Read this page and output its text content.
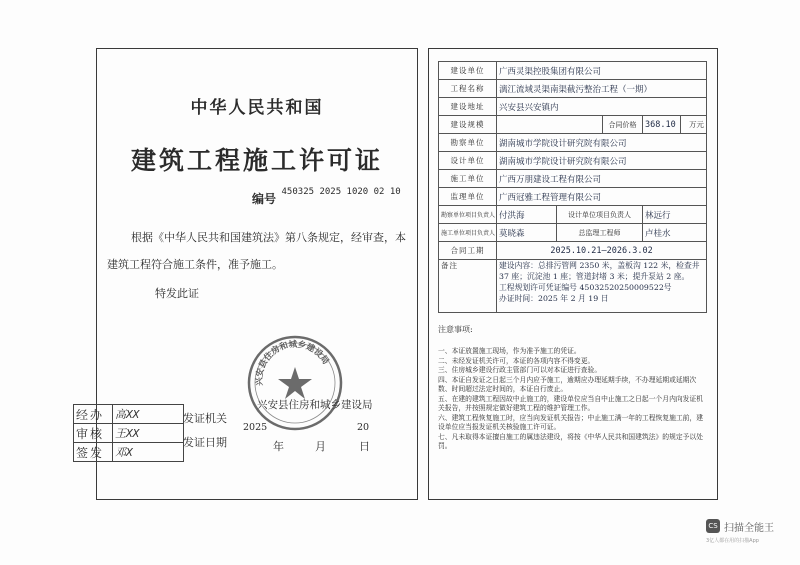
中华人民共和国
建筑工程施工许可证
编号 450325 2025 1020 02 10
根据《中华人民共和国建筑法》第八条规定，经审查，本建筑工程符合施工条件，准予施工。
特发此证
兴安县住房和城乡建设局
经办	高XX
审核	王XX
签发	邓X
发证机关
兴安县住房和城乡建设局
发证日期
2025	20
年	月	日
建设单位	广西灵渠控股集团有限公司				
工程名称	漓江流域灵渠南渠截污整治工程（一期）				
建设地址	兴安县兴安镇内				
建设规模			合同价格	368.10	万元
勘察单位	湖南城市学院设计研究院有限公司				
设计单位	湖南城市学院设计研究院有限公司				
施工单位	广西万朋建设工程有限公司				
监理单位	广西冠雅工程管理有限公司				
勘察单位项目负责人	付洪海	设计单位项目负责人		林远行	
施工单位项目负责人	莫晓森	总监理工程师		卢桂水	
合同工期	2025.10.21—2026.3.02				
备注	建设内容：总排污管网 2350 米，盖板沟 122 米，检查井 37 座；沉淀池 1 座；管道封堵 3 米；提升泵站 2 座。
工程规划许可凭证编号 45032520250009522号
办证时间：2025 年 2 月 19 日				
注意事项:
一、本证放置施工现场，作为准予施工的凭证。
二、未经发证机关许可，本证的各项内容不得变更。
三、住房城乡建设行政主管部门可以对本证进行查验。
四、本证自发证之日起三个月内应予施工，逾期应办理延期手续，不办理延期或延期次数、时间超过法定时间的，本证自行废止。
五、在建的建筑工程因故中止施工的，建设单位应当自中止施工之日起一个月内向发证机关报告，并按照规定做好建筑工程的维护管理工作。
六、建筑工程恢复施工时，应当向发证机关报告；中止施工满一年的工程恢复施工前，建设单位应当报发证机关核验施工许可证。
七、凡未取得本证擅自施工的属违法建设，将按《中华人民共和国建筑法》的规定予以处罚。
CS 扫描全能王
3亿人都在用的扫描App
